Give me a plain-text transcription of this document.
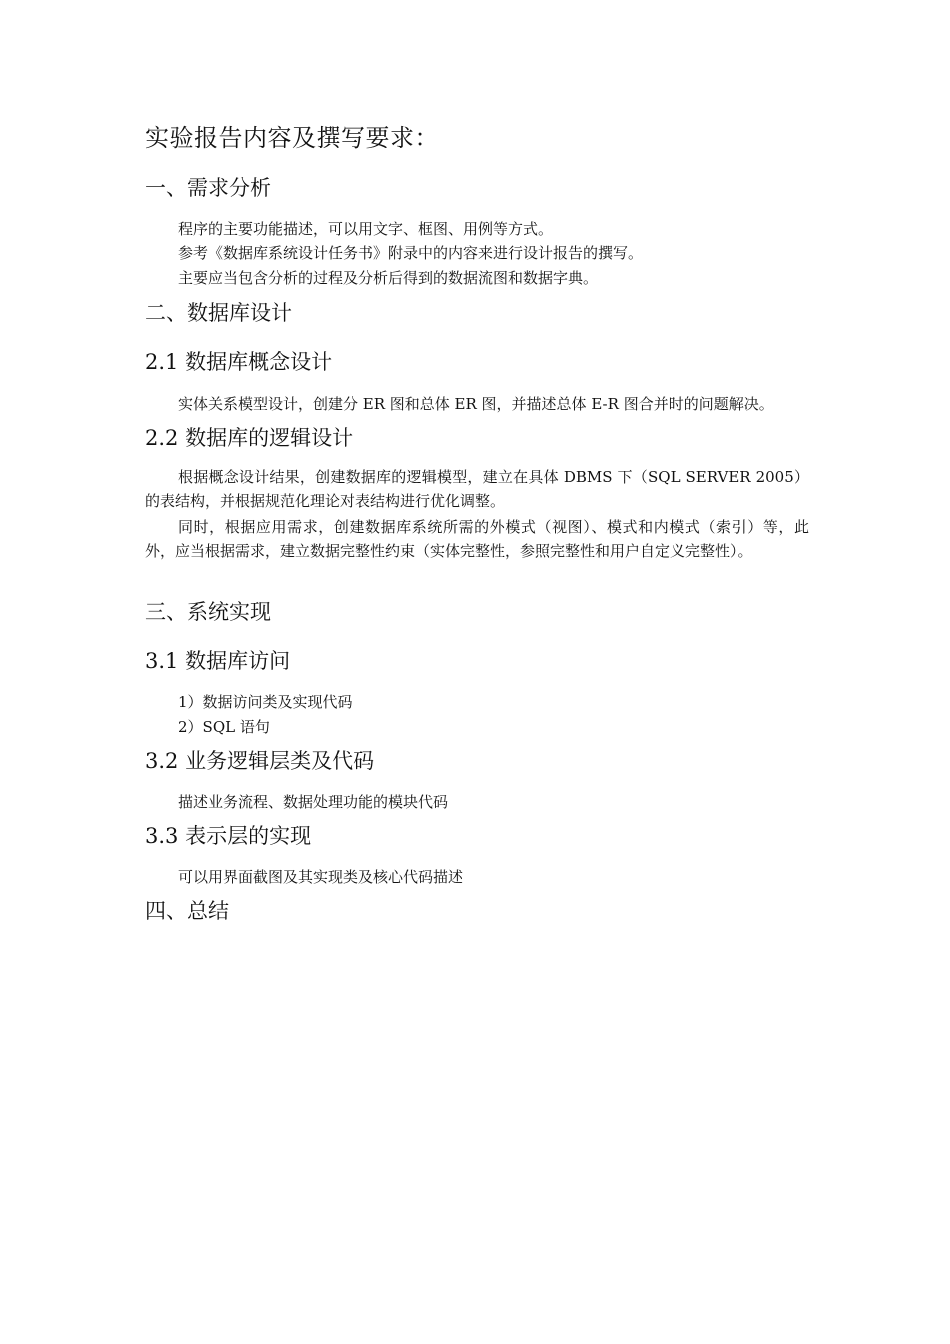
实验报告内容及撰写要求：
一、需求分析
程序的主要功能描述，可以用文字、框图、用例等方式。
参考《数据库系统设计任务书》附录中的内容来进行设计报告的撰写。
主要应当包含分析的过程及分析后得到的数据流图和数据字典。
二、数据库设计
2.1 数据库概念设计
实体关系模型设计，创建分 ER 图和总体 ER 图，并描述总体 E-R 图合并时的问题解决。
2.2 数据库的逻辑设计
根据概念设计结果，创建数据库的逻辑模型，建立在具体 DBMS 下（SQL SERVER 2005）的表结构，并根据规范化理论对表结构进行优化调整。
同时，根据应用需求，创建数据库系统所需的外模式（视图）、模式和内模式（索引）等，此外，应当根据需求，建立数据完整性约束（实体完整性，参照完整性和用户自定义完整性）。
三、系统实现
3.1 数据库访问
1）数据访问类及实现代码
2）SQL 语句
3.2 业务逻辑层类及代码
描述业务流程、数据处理功能的模块代码
3.3 表示层的实现
可以用界面截图及其实现类及核心代码描述
四、总结
